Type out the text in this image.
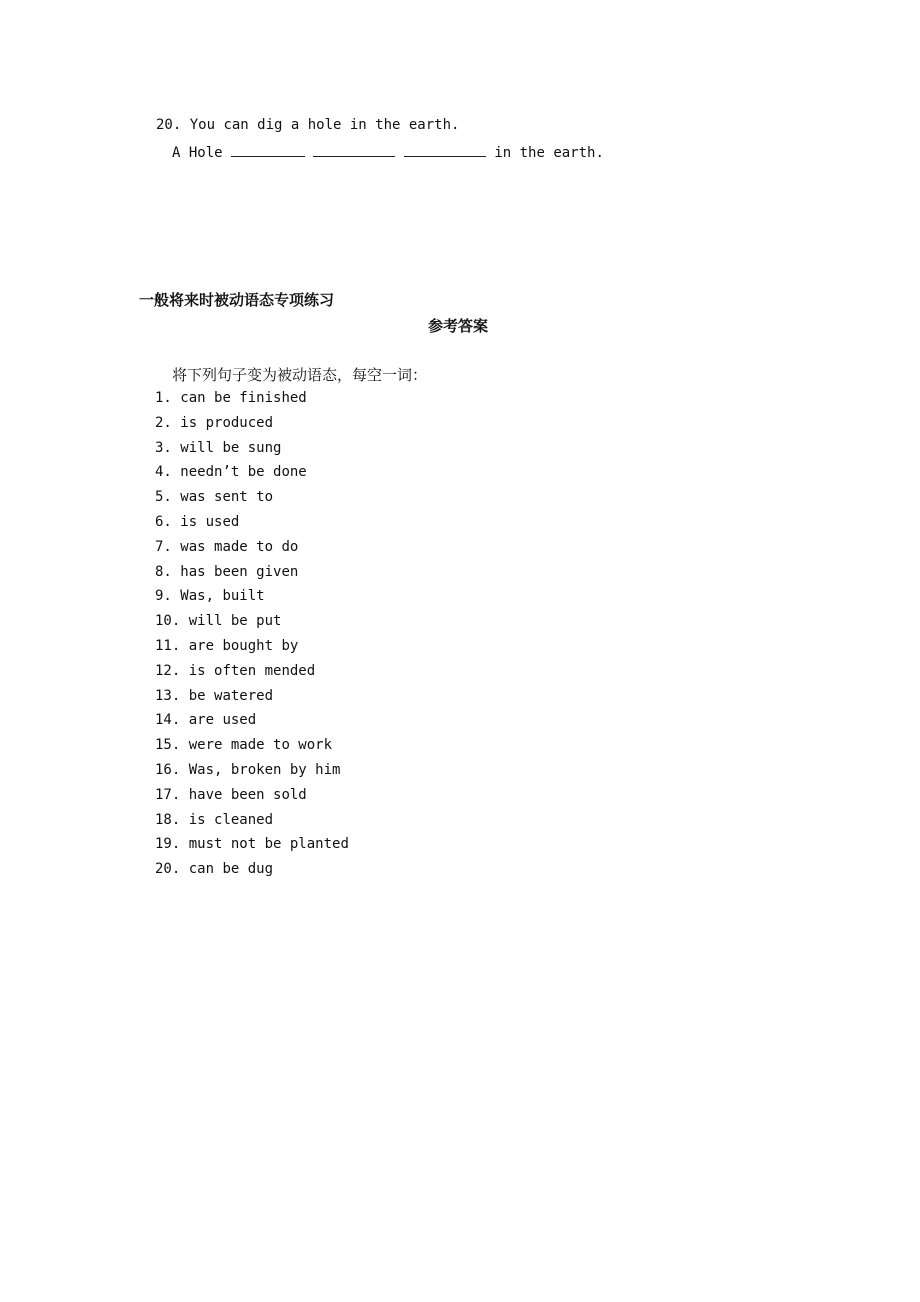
20. You can dig a hole in the earth.
A Hole	in the earth.
一般将来时被动语态专项练习
参考答案
将下列句子变为被动语态，每空一词：
1. can be finished
2. is produced
3. will be sung
4. needn’t be done
5. was sent to
6. is used
7. was made to do
8. has been given
9. Was, built
10. will be put
11. are bought by
12. is often mended
13. be watered
14. are used
15. were made to work
16. Was, broken by him
17. have been sold
18. is cleaned
19. must not be planted
20. can be dug
